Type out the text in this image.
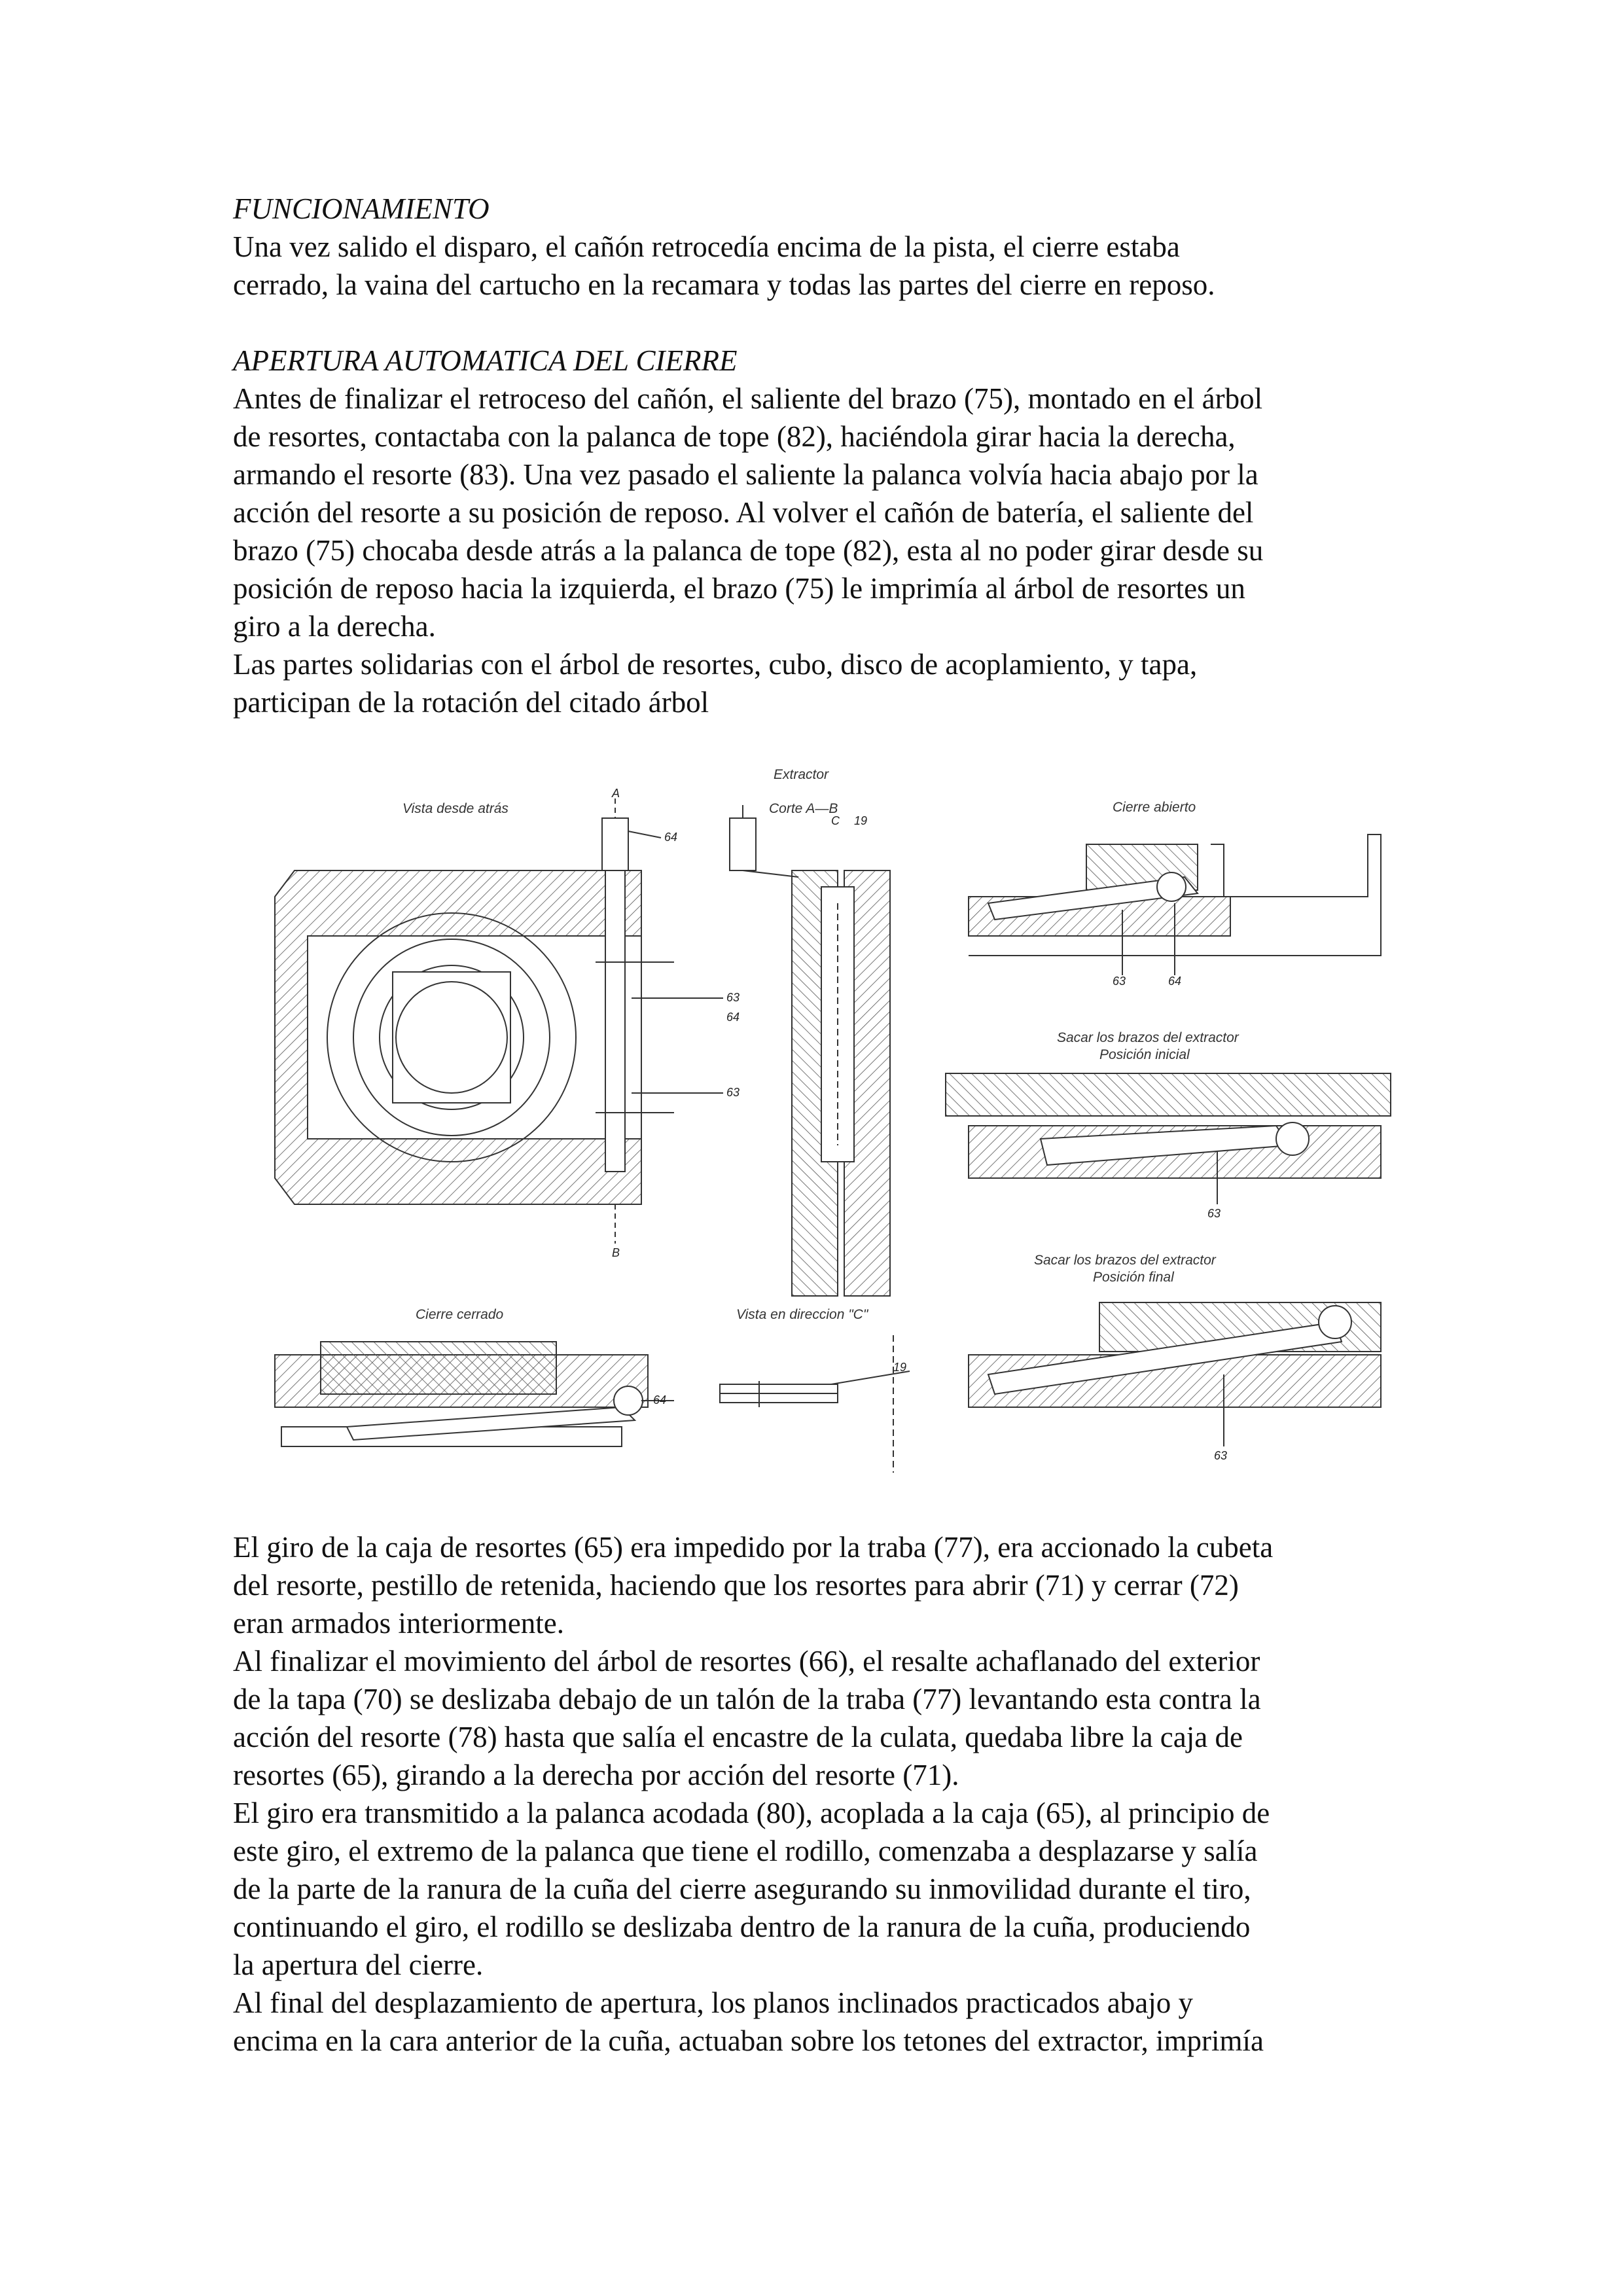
FUNCIONAMIENTO
Una vez salido el disparo, el cañón retrocedía encima de la pista, el cierre estaba
cerrado, la vaina del cartucho en la recamara y todas las partes del cierre en reposo.
APERTURA AUTOMATICA DEL CIERRE
Antes de finalizar el retroceso del cañón, el saliente del brazo (75), montado en el árbol
de resortes, contactaba con la palanca de tope (82), haciéndola girar hacia la derecha,
armando el resorte (83). Una vez pasado el saliente la palanca volvía hacia abajo por la
acción del resorte a su posición de reposo. Al volver el cañón de batería, el saliente del
brazo (75) chocaba desde atrás a la palanca de tope (82), esta al no poder girar desde su
posición de reposo hacia la izquierda, el brazo (75) le imprimía al árbol de resortes un
giro a la derecha.
Las partes solidarias con el árbol de resortes, cubo, disco de acoplamiento, y tapa,
participan de la rotación del citado árbol
Extractor
Vista desde atrás	Corte A—B	Cierre abierto
Sacar los brazos del extractor
Posición inicial
Sacar los brazos del extractor
Posición final
Cierre cerrado	Vista en direccion "C"
64
63
64
63
A
B
C 19
63	64
63
63
64
19
El giro de la caja de resortes (65) era impedido por la traba (77), era accionado la cubeta
del resorte, pestillo de retenida, haciendo que los resortes para abrir (71) y cerrar (72)
eran armados interiormente.
Al finalizar el movimiento del árbol de resortes (66), el resalte achaflanado del exterior
de la tapa (70) se deslizaba debajo de un talón de la traba (77) levantando esta contra la
acción del resorte (78) hasta que salía el encastre de la culata, quedaba libre la caja de
resortes (65), girando a la derecha por acción del resorte (71).
El giro era transmitido a la palanca acodada (80), acoplada a la caja (65), al principio de
este giro, el extremo de la palanca que tiene el rodillo, comenzaba a desplazarse y salía
de la parte de la ranura de la cuña del cierre asegurando su inmovilidad durante el tiro,
continuando el giro, el rodillo se deslizaba dentro de la ranura de la cuña, produciendo
la apertura del cierre.
Al final del desplazamiento de apertura, los planos inclinados practicados abajo y
encima en la cara anterior de la cuña, actuaban sobre los tetones del extractor, imprimía
